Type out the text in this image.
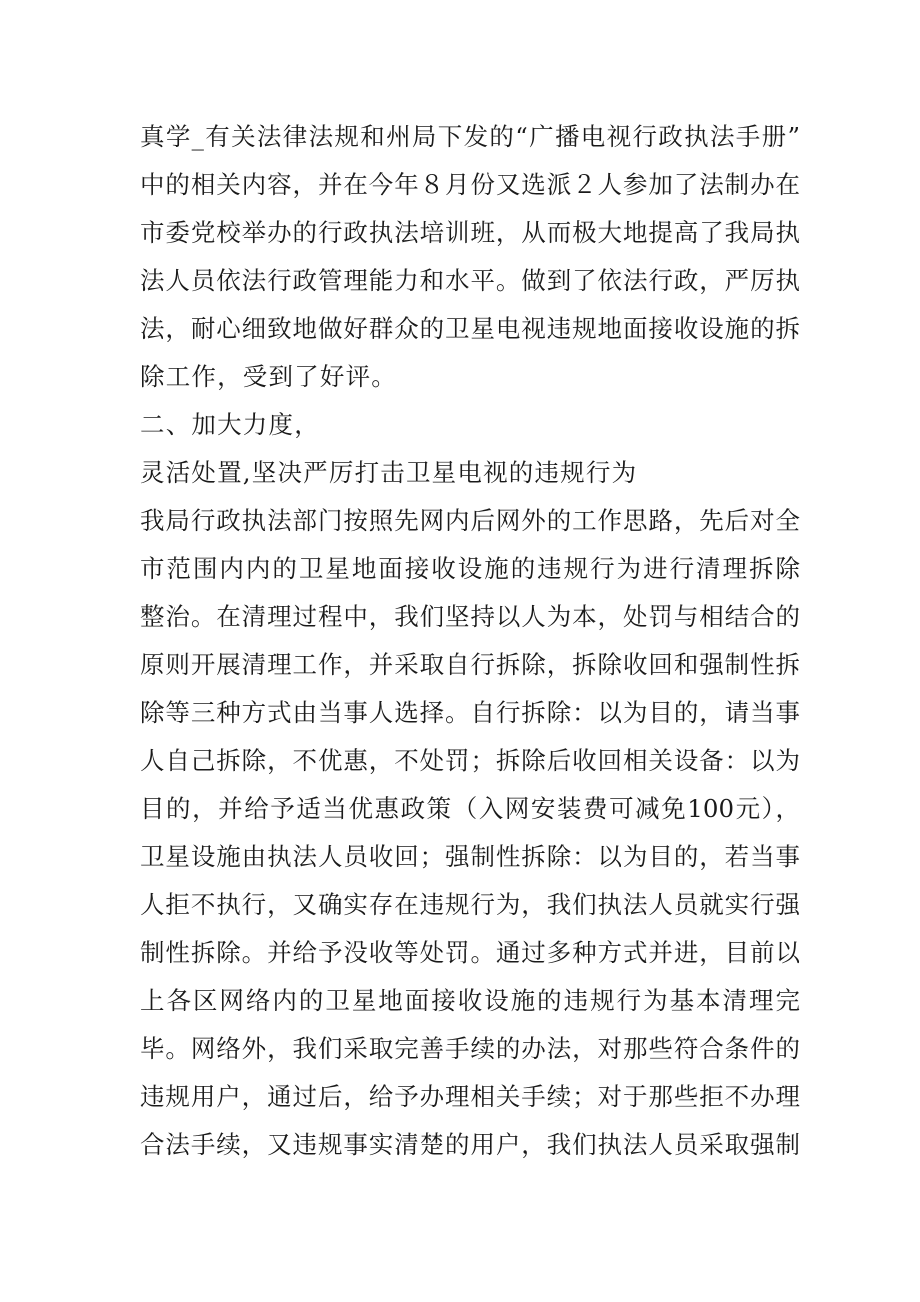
真学_有关法律法规和州局下发的“广播电视行政执法手册”
中的相关内容，并在今年８月份又选派２人参加了法制办在
市委党校举办的行政执法培训班，从而极大地提高了我局执
法人员依法行政管理能力和水平。做到了依法行政，严厉执
法，耐心细致地做好群众的卫星电视违规地面接收设施的拆
除工作，受到了好评。
二、加大力度，
灵活处置,坚决严厉打击卫星电视的违规行为
我局行政执法部门按照先网内后网外的工作思路，先后对全
市范围内内的卫星地面接收设施的违规行为进行清理拆除
整治。在清理过程中，我们坚持以人为本，处罚与相结合的
原则开展清理工作，并采取自行拆除，拆除收回和强制性拆
除等三种方式由当事人选择。自行拆除：以为目的，请当事
人自己拆除，不优惠，不处罚；拆除后收回相关设备：以为
目的，并给予适当优惠政策（入网安装费可减免100元），
卫星设施由执法人员收回；强制性拆除：以为目的，若当事
人拒不执行，又确实存在违规行为，我们执法人员就实行强
制性拆除。并给予没收等处罚。通过多种方式并进，目前以
上各区网络内的卫星地面接收设施的违规行为基本清理完
毕。网络外，我们采取完善手续的办法，对那些符合条件的
违规用户，通过后，给予办理相关手续；对于那些拒不办理
合法手续，又违规事实清楚的用户，我们执法人员采取强制
